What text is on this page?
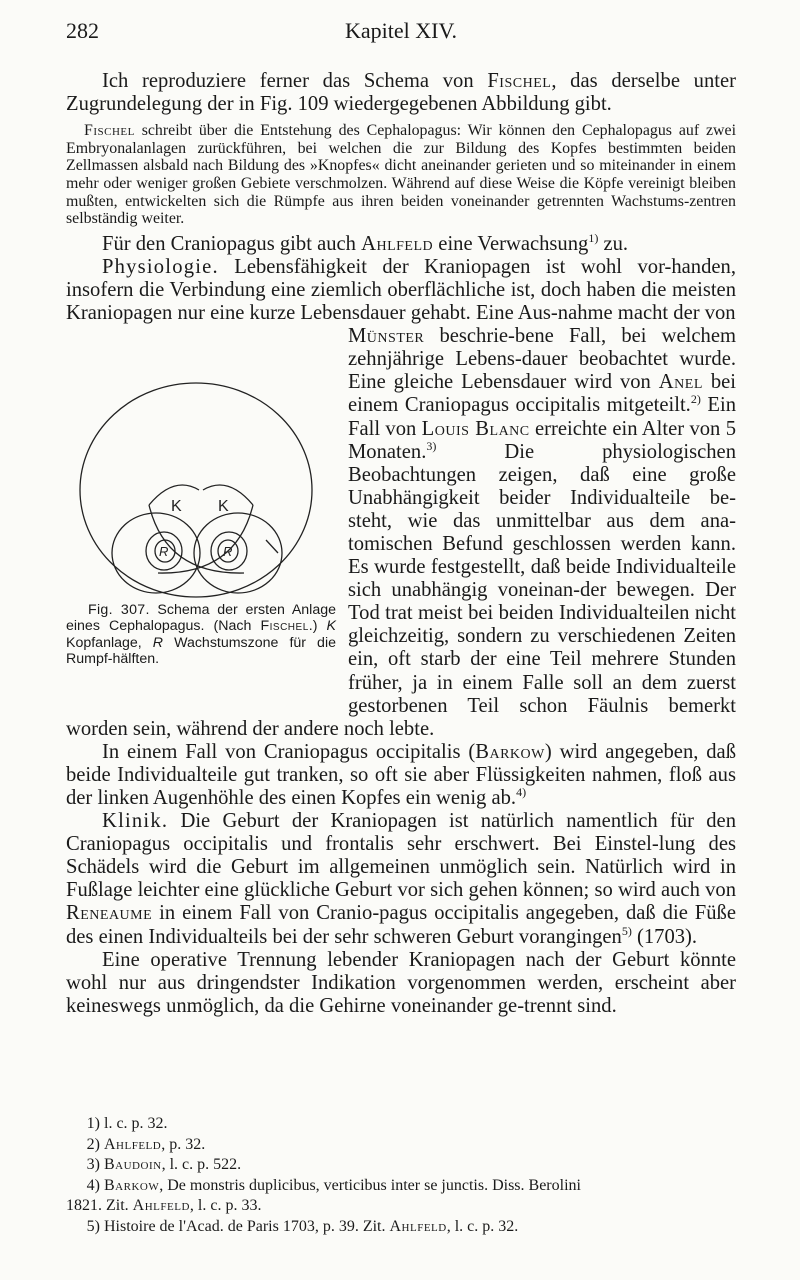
282	Kapitel XIV.

Ich reproduziere ferner das Schema von Fischel, das derselbe unter Zugrundelegung der in Fig. 109 wiedergegebenen Abbildung gibt.

Fischel schreibt über die Entstehung des Cephalopagus: Wir können den Cephalopagus auf zwei Embryonalanlagen zurückführen, bei welchen die zur Bildung des Kopfes bestimmten beiden Zellmassen alsbald nach Bildung des »Knopfes« dicht aneinander gerieten und so miteinander in einem mehr oder weniger großen Gebiete verschmolzen. Während auf diese Weise die Köpfe vereinigt bleiben mußten, entwickelten sich die Rümpfe aus ihren beiden voneinander getrennten Wachstums-zentren selbständig weiter.

Für den Craniopagus gibt auch Ahlfeld eine Verwachsung$^{1)}$ zu.

Physiologie. Lebensfähigkeit der Kraniopagen ist wohl vor-handen, insofern die Verbindung eine ziemlich oberflächliche ist, doch haben die meisten Kraniopagen nur eine kurze Lebensdauer gehabt. Eine Aus-nahme macht der von

K K
R	R
Fig. 307. Schema der ersten Anlage eines Cephalopagus. (Nach Fischel.) K Kopfanlage, R Wachstumszone für die Rumpf-hälften.

Münster beschrie-bene Fall, bei welchem zehnjährige Lebens-dauer beobachtet wurde. Eine gleiche Lebensdauer wird von Anel bei einem Craniopagus occipitalis mitgeteilt.$^{2)}$ Ein Fall von Louis Blanc erreichte ein Alter von 5 Monaten.$^{3)}$ Die physiologischen Beobachtungen zeigen, daß eine große Unabhängigkeit beider Individualteile be-steht, wie das unmittelbar aus dem ana-tomischen Befund geschlossen werden kann. Es wurde festgestellt, daß beide Individualteile sich unabhängig voneinan-der bewegen. Der Tod trat meist bei beiden Individualteilen nicht gleichzeitig, sondern zu verschiedenen Zeiten ein, oft starb der eine Teil mehrere Stunden früher, ja in einem Falle soll an dem zuerst gestorbenen Teil schon Fäulnis bemerkt worden sein, während der andere noch lebte.

In einem Fall von Craniopagus occipitalis (Barkow) wird angegeben, daß beide Individualteile gut tranken, so oft sie aber Flüssigkeiten nahmen, floß aus der linken Augenhöhle des einen Kopfes ein wenig ab.$^{4)}$

Klinik. Die Geburt der Kraniopagen ist natürlich namentlich für den Craniopagus occipitalis und frontalis sehr erschwert. Bei Einstel-lung des Schädels wird die Geburt im allgemeinen unmöglich sein. Natürlich wird in Fußlage leichter eine glückliche Geburt vor sich gehen können; so wird auch von Reneaume in einem Fall von Cranio-pagus occipitalis angegeben, daß die Füße des einen Individualteils bei der sehr schweren Geburt vorangingen$^{5)}$ (1703).

Eine operative Trennung lebender Kraniopagen nach der Geburt könnte wohl nur aus dringendster Indikation vorgenommen werden, erscheint aber keineswegs unmöglich, da die Gehirne voneinander ge-trennt sind.

1) l. c. p. 32.

2) Ahlfeld, p. 32.

3) Baudoin, l. c. p. 522.

4) Barkow, De monstris duplicibus, verticibus inter se junctis. Diss. Berolini

1821. Zit. Ahlfeld, l. c. p. 33.

5) Histoire de l'Acad. de Paris 1703, p. 39. Zit. Ahlfeld, l. c. p. 32.
